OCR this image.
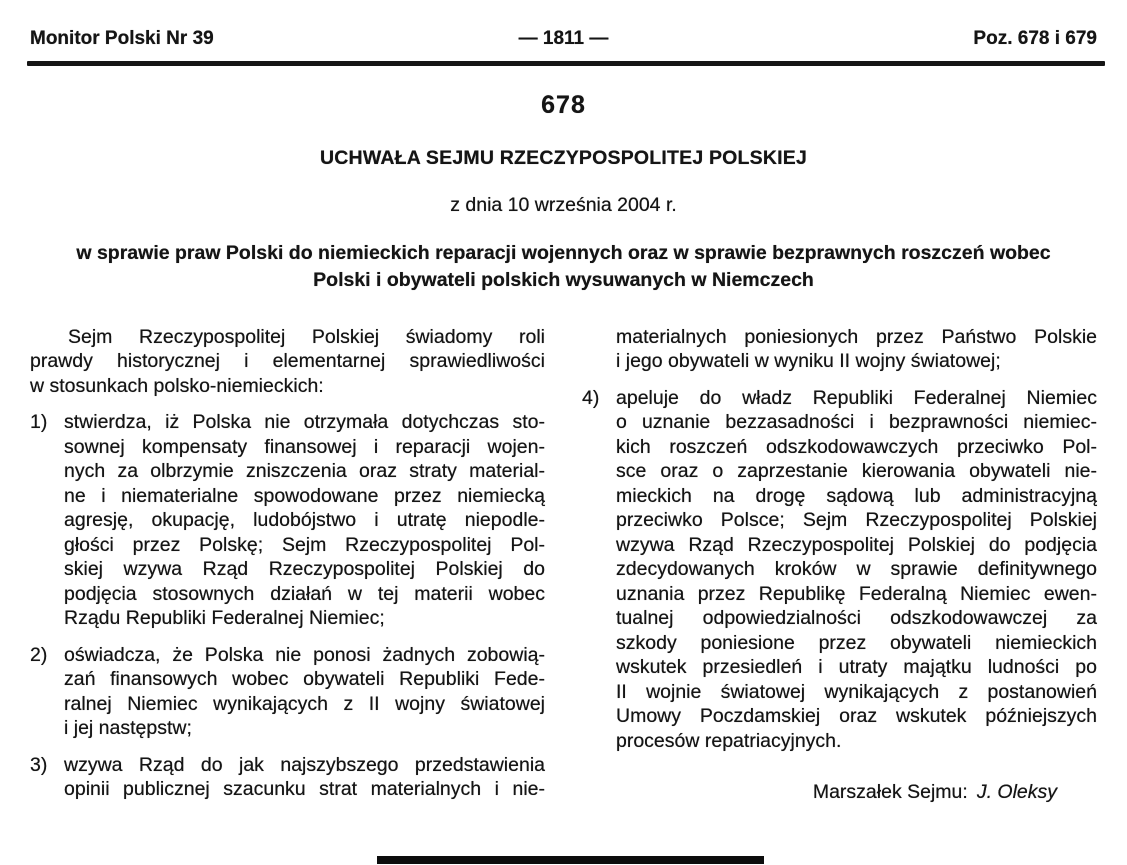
Monitor Polski Nr 39	— 1811 —	Poz. 678 i 679
678
UCHWAŁA SEJMU RZECZYPOSPOLITEJ POLSKIEJ
z dnia 10 września 2004 r.
w sprawie praw Polski do niemieckich reparacji wojennych oraz w sprawie bezprawnych roszczeń wobec
Polski i obywateli polskich wysuwanych w Niemczech
Sejm Rzeczypospolitej Polskiej świadomy roli
prawdy historycznej i elementarnej sprawiedliwości
w stosunkach polsko-niemieckich:
1) stwierdza, iż Polska nie otrzymała dotychczas sto-
sownej kompensaty finansowej i reparacji wojen-
nych za olbrzymie zniszczenia oraz straty material-
ne i niematerialne spowodowane przez niemiecką
agresję, okupację, ludobójstwo i utratę niepodle-
głości przez Polskę; Sejm Rzeczypospolitej Pol-
skiej wzywa Rząd Rzeczypospolitej Polskiej do
podjęcia stosownych działań w tej materii wobec
Rządu Republiki Federalnej Niemiec;
2) oświadcza, że Polska nie ponosi żadnych zobowią-
zań finansowych wobec obywateli Republiki Fede-
ralnej Niemiec wynikających z II wojny światowej
i jej następstw;
3) wzywa Rząd do jak najszybszego przedstawienia
opinii publicznej szacunku strat materialnych i nie-
materialnych poniesionych przez Państwo Polskie
i jego obywateli w wyniku II wojny światowej;
4) apeluje do władz Republiki Federalnej Niemiec
o uznanie bezzasadności i bezprawności niemiec-
kich roszczeń odszkodowawczych przeciwko Pol-
sce oraz o zaprzestanie kierowania obywateli nie-
mieckich na drogę sądową lub administracyjną
przeciwko Polsce; Sejm Rzeczypospolitej Polskiej
wzywa Rząd Rzeczypospolitej Polskiej do podjęcia
zdecydowanych kroków w sprawie definitywnego
uznania przez Republikę Federalną Niemiec ewen-
tualnej odpowiedzialności odszkodowawczej za
szkody poniesione przez obywateli niemieckich
wskutek przesiedleń i utraty majątku ludności po
II wojnie światowej wynikających z postanowień
Umowy Poczdamskiej oraz wskutek późniejszych
procesów repatriacyjnych.
Marszałek Sejmu: J. Oleksy
